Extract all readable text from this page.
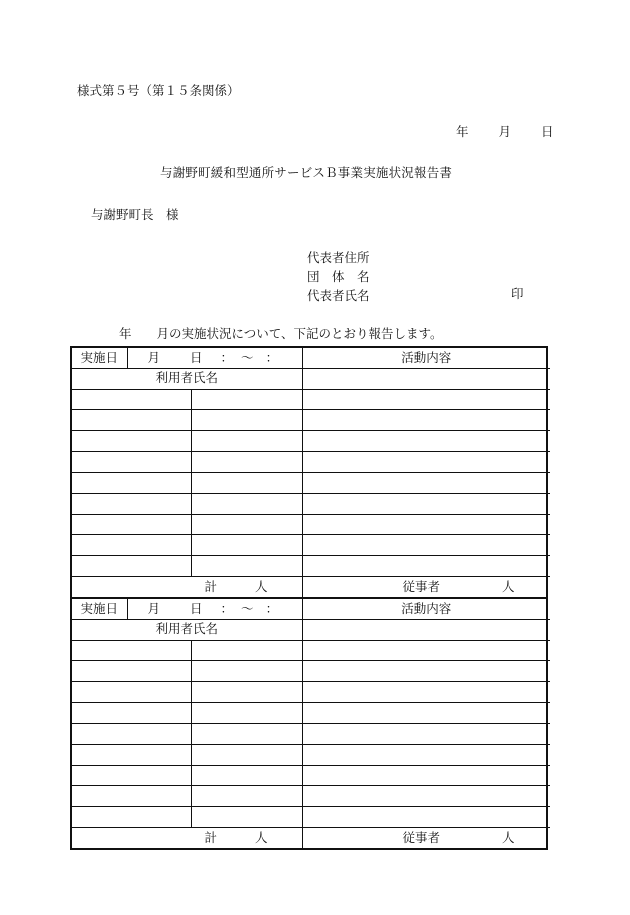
様式第５号（第１５条関係）
年 月 日
与謝野町緩和型通所サービスＢ事業実施状況報告書
与謝野町長　様
代表者住所
団　体　名
代表者氏名	印
年 月の実施状況について、下記のとおり報告します。
実施日	月 日 ： 〜 ：		活動内容
利用者氏名			

計 人			従事者 人
実施日	月 日 ： 〜 ：		活動内容
利用者氏名			

計 人			従事者 人
